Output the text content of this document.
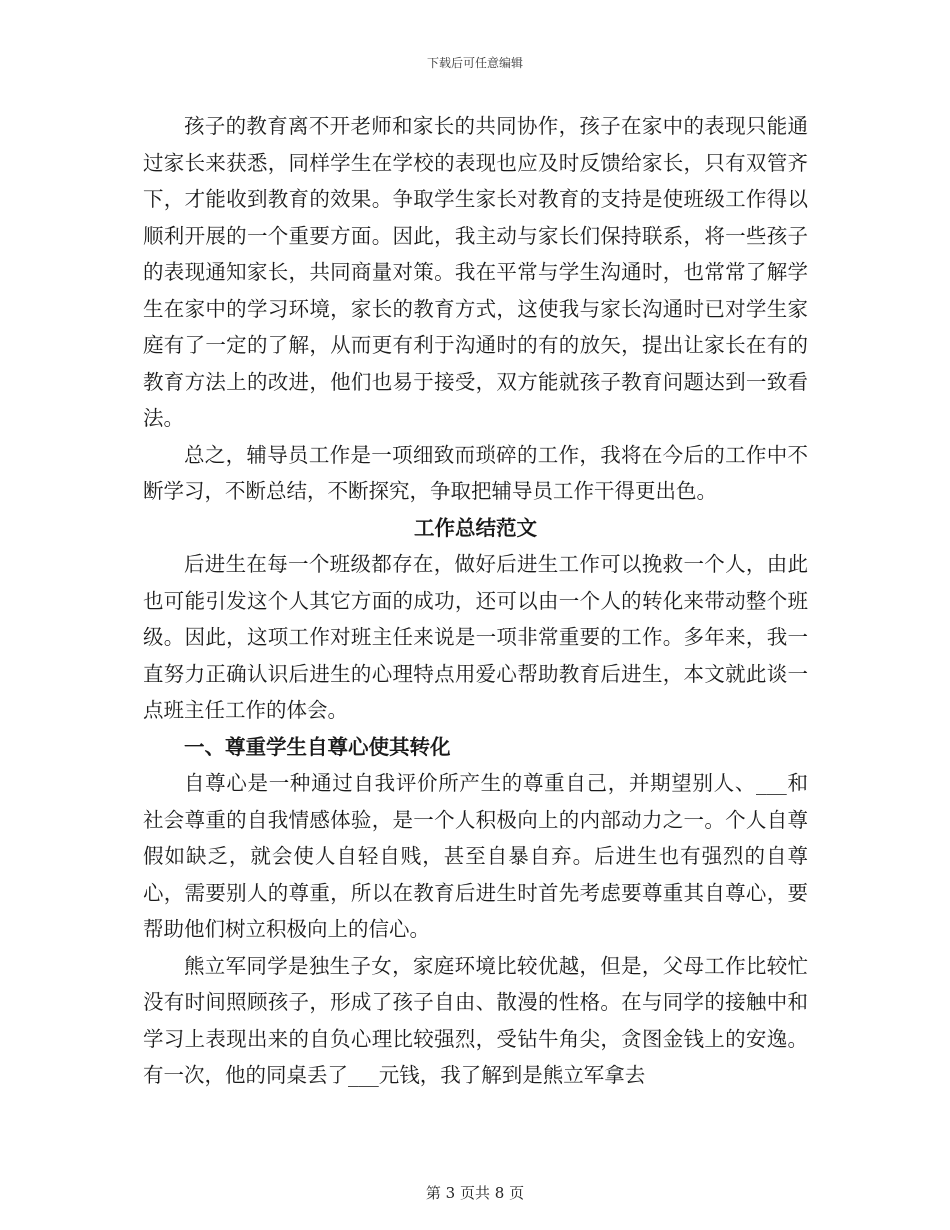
下载后可任意编辑

孩子的教育离不开老师和家长的共同协作，孩子在家中的表现只能通过家长来获悉，同样学生在学校的表现也应及时反馈给家长，只有双管齐下，才能收到教育的效果。争取学生家长对教育的支持是使班级工作得以顺利开展的一个重要方面。因此，我主动与家长们保持联系，将一些孩子的表现通知家长，共同商量对策。我在平常与学生沟通时，也常常了解学生在家中的学习环境，家长的教育方式，这使我与家长沟通时已对学生家庭有了一定的了解，从而更有利于沟通时的有的放矢，提出让家长在有的教育方法上的改进，他们也易于接受，双方能就孩子教育问题达到一致看法。

总之，辅导员工作是一项细致而琐碎的工作，我将在今后的工作中不断学习，不断总结，不断探究，争取把辅导员工作干得更出色。

工作总结范文

后进生在每一个班级都存在，做好后进生工作可以挽救一个人，由此也可能引发这个人其它方面的成功，还可以由一个人的转化来带动整个班级。因此，这项工作对班主任来说是一项非常重要的工作。多年来，我一直努力正确认识后进生的心理特点用爱心帮助教育后进生，本文就此谈一点班主任工作的体会。

一、尊重学生自尊心使其转化

自尊心是一种通过自我评价所产生的尊重自己，并期望别人、___和社会尊重的自我情感体验，是一个人积极向上的内部动力之一。个人自尊假如缺乏，就会使人自轻自贱，甚至自暴自弃。后进生也有强烈的自尊心，需要别人的尊重，所以在教育后进生时首先考虑要尊重其自尊心，要帮助他们树立积极向上的信心。

熊立军同学是独生子女，家庭环境比较优越，但是，父母工作比较忙没有时间照顾孩子，形成了孩子自由、散漫的性格。在与同学的接触中和学习上表现出来的自负心理比较强烈，受钻牛角尖，贪图金钱上的安逸。有一次，他的同桌丢了___元钱，我了解到是熊立军拿去

第 3 页共 8 页
